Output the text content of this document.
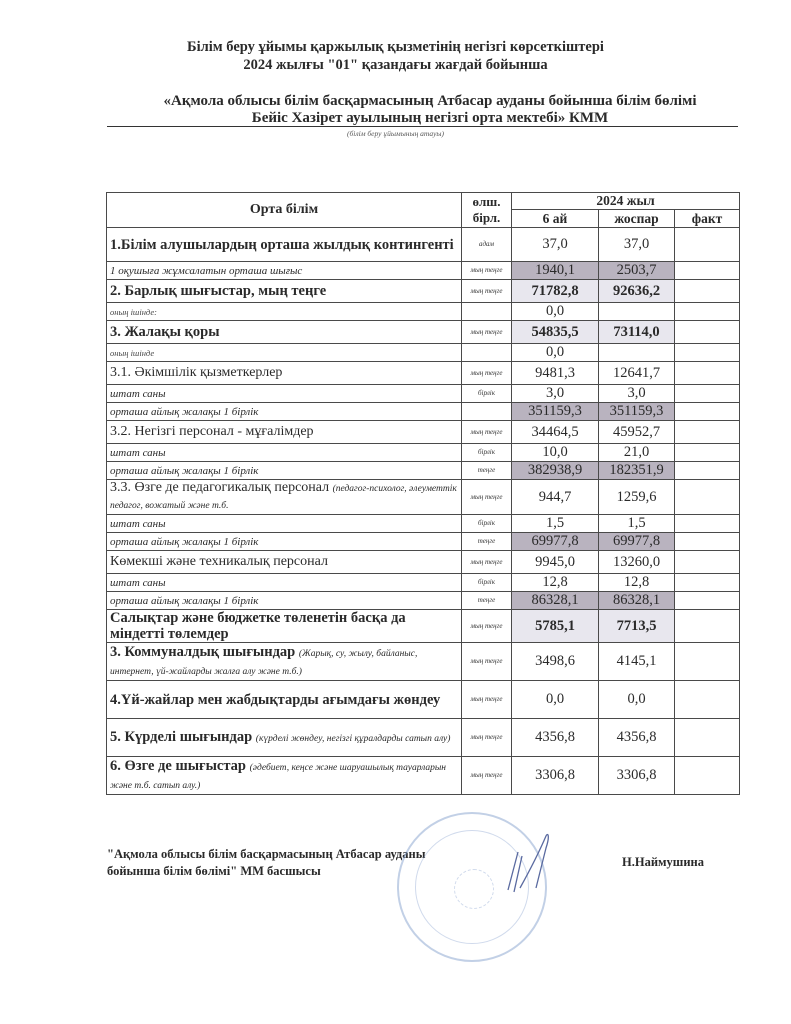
Білім беру ұйымы қаржылық қызметінің негізгі көрсеткіштері
2024 жылғы "01" қазандағы жағдай бойынша
«Ақмола облысы білім басқармасының Атбасар ауданы бойынша білім бөлімі
Бейіс Хазірет ауылының негізгі орта мектебі» КММ
(білім беру ұйымының атауы)
Орта білім	өлш.
бірл.	2024 жыл		
		6 ай	жоспар	факт
1.Білім алушылардың орташа жылдық контингенті	адам	37,0	37,0	
1 оқушыға жұмсалатын орташа шығыс	мың теңге	1940,1	2503,7	
2. Барлық шығыстар, мың теңге	мың теңге	71782,8	92636,2	
оның ішінде:		0,0		
3. Жалақы қоры	мың теңге	54835,5	73114,0	
оның ішінде		0,0		
3.1. Әкімшілік қызметкерлер	мың теңге	9481,3	12641,7	
штат саны	бірлік	3,0	3,0	
орташа айлық жалақы 1 бірлік		351159,3	351159,3	
3.2. Негізгі персонал - мұғалімдер	мың теңге	34464,5	45952,7	
штат саны	бірлік	10,0	21,0	
орташа айлық жалақы 1 бірлік	теңге	382938,9	182351,9	
3.3. Өзге де педагогикалық персонал (педагог-психолог, әлеуметтік педагог, вожатый және т.б.	мың теңге	944,7	1259,6	
штат саны	бірлік	1,5	1,5	
орташа айлық жалақы 1 бірлік	теңге	69977,8	69977,8	
Көмекші және техникалық персонал	мың теңге	9945,0	13260,0	
штат саны	бірлік	12,8	12,8	
орташа айлық жалақы 1 бірлік	теңге	86328,1	86328,1	
Салықтар және бюджетке төленетін басқа да міндетті төлемдер	мың теңге	5785,1	7713,5	
3. Коммуналдық шығындар (Жарық, су, жылу, байланыс, интернет, үй-жайларды жалға алу және т.б.)	мың теңге	3498,6	4145,1	
4.Үй-жайлар мен жабдықтарды ағымдағы жөндеу	мың теңге	0,0	0,0	
5. Күрделі шығындар (күрделі жөндеу, негізгі құралдарды сатып алу)	мың теңге	4356,8	4356,8	
6. Өзге де шығыстар (әдебиет, кеңсе және шаруашылық тауарларын және т.б. сатып алу.)	мың теңге	3306,8	3306,8	
"Ақмола облысы білім басқармасының Атбасар ауданы
бойынша білім бөлімі" ММ басшысы
Н.Наймушина
